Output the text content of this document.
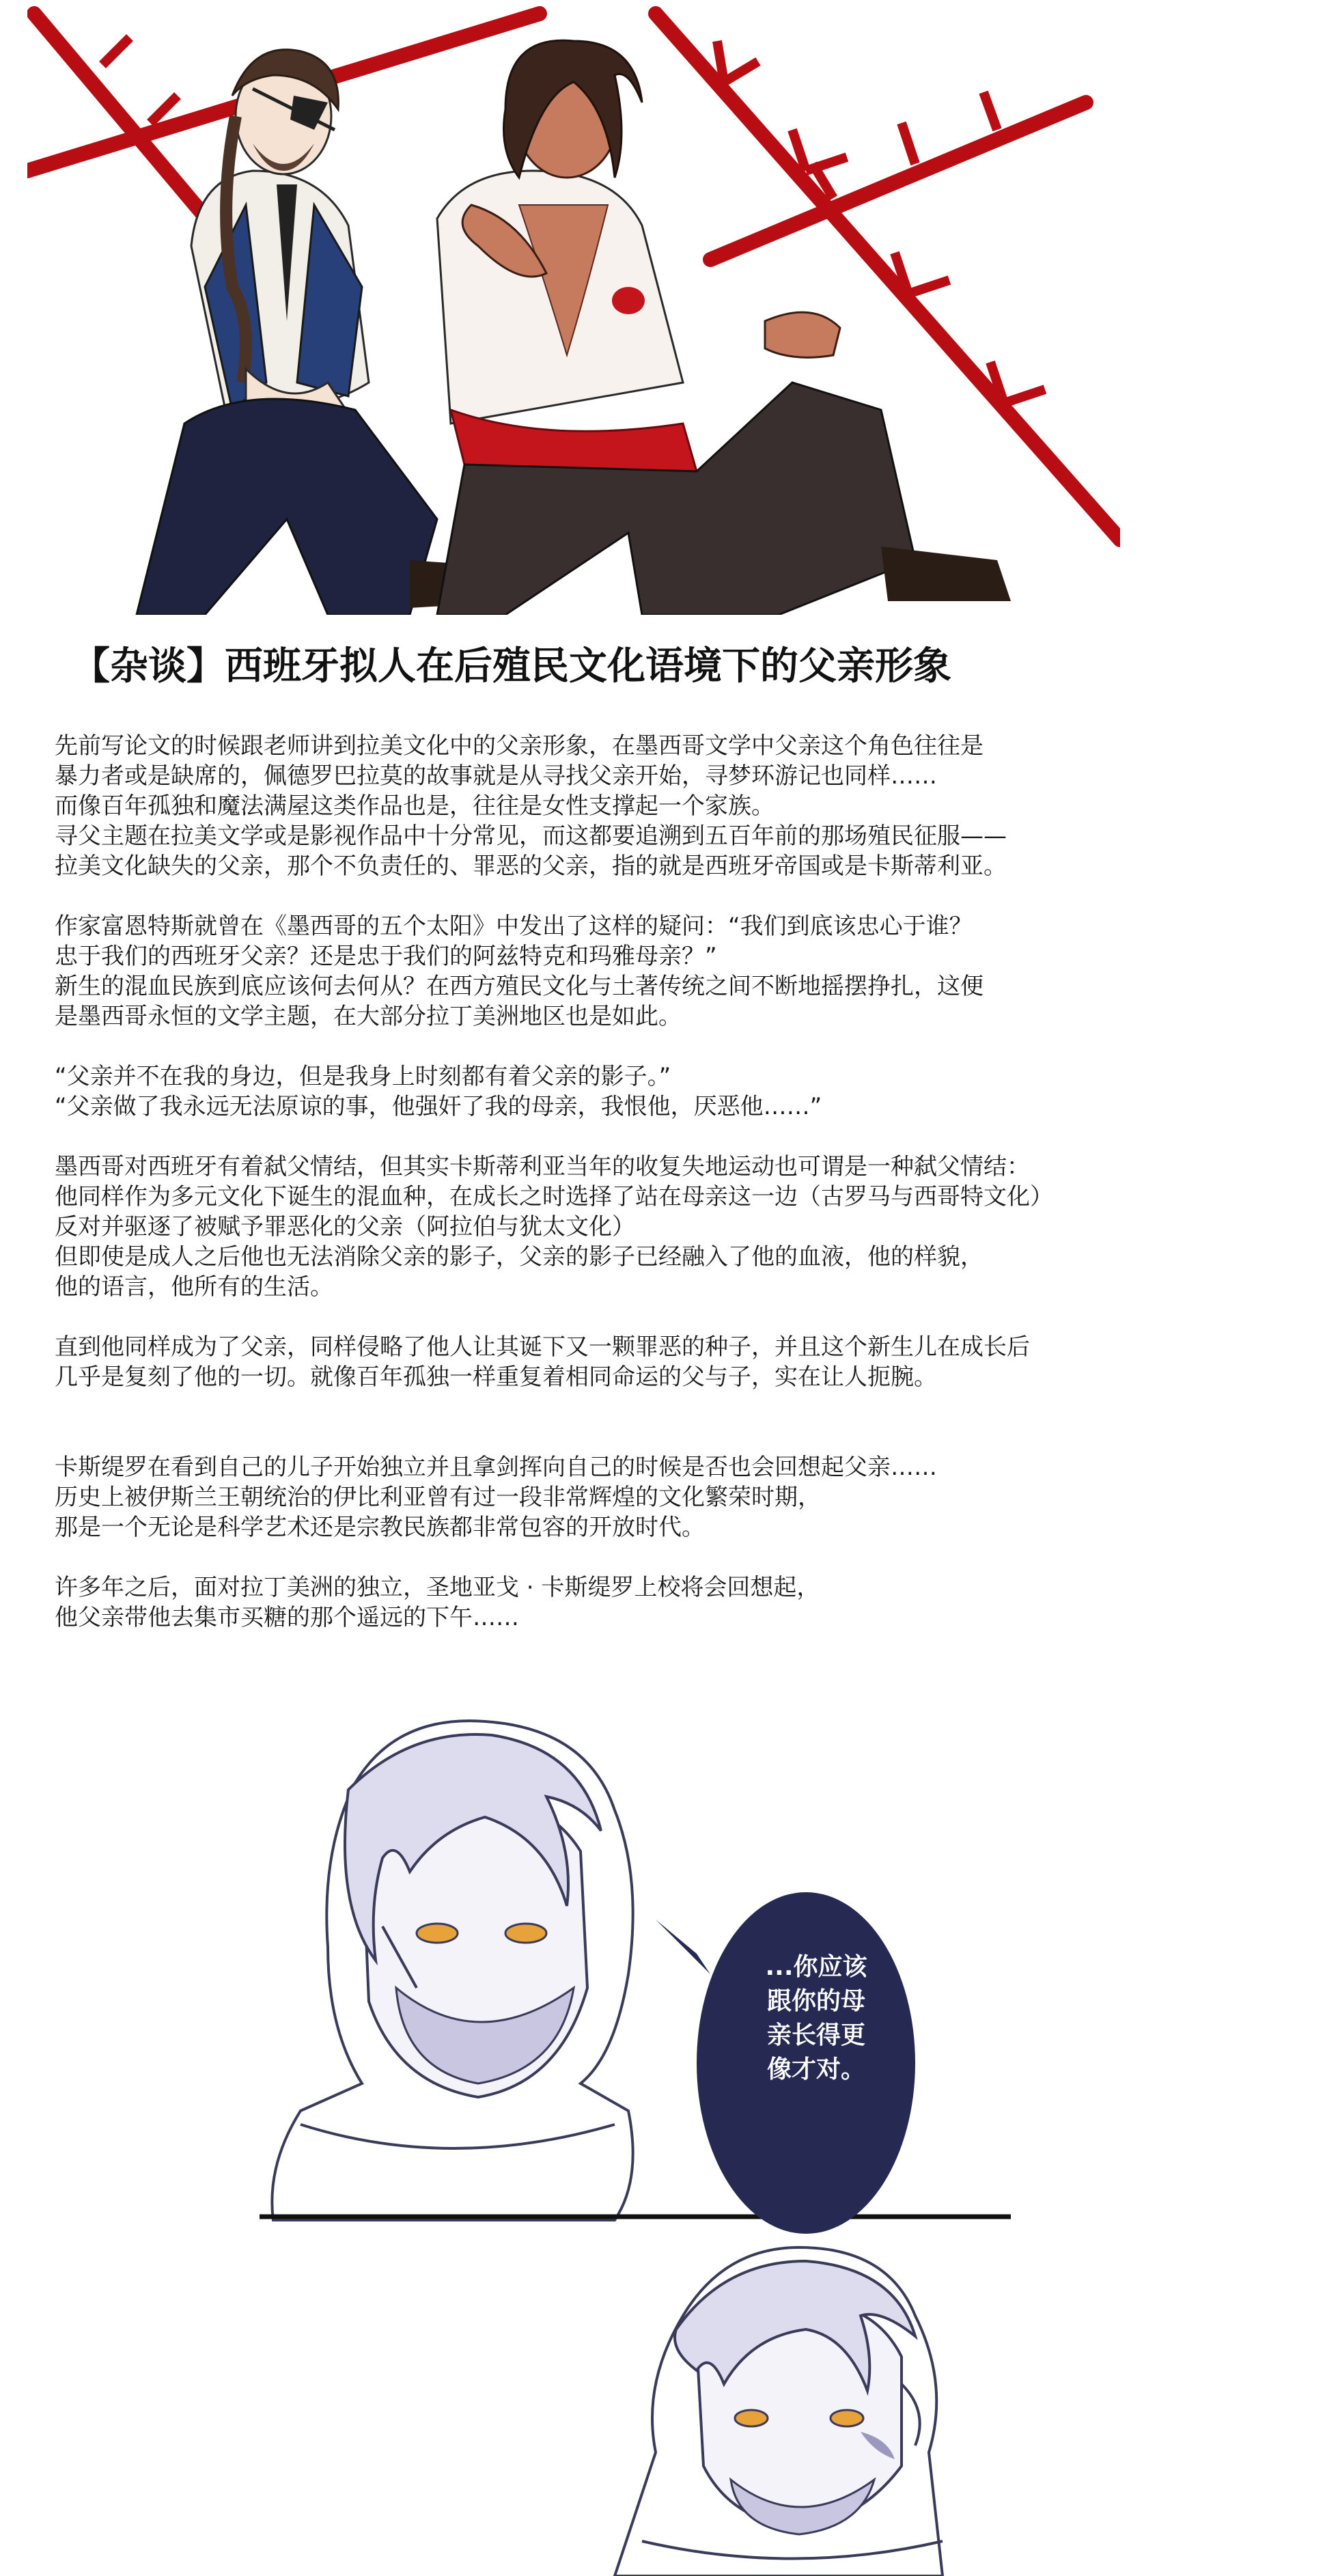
【杂谈】西班牙拟人在后殖民文化语境下的父亲形象
先前写论文的时候跟老师讲到拉美文化中的父亲形象，在墨西哥文学中父亲这个角色往往是
暴力者或是缺席的，佩德罗巴拉莫的故事就是从寻找父亲开始，寻梦环游记也同样……
而像百年孤独和魔法满屋这类作品也是，往往是女性支撑起一个家族。
寻父主题在拉美文学或是影视作品中十分常见，而这都要追溯到五百年前的那场殖民征服——
拉美文化缺失的父亲，那个不负责任的、罪恶的父亲，指的就是西班牙帝国或是卡斯蒂利亚。
作家富恩特斯就曾在《墨西哥的五个太阳》中发出了这样的疑问：“我们到底该忠心于谁？
忠于我们的西班牙父亲？还是忠于我们的阿兹特克和玛雅母亲？”
新生的混血民族到底应该何去何从？在西方殖民文化与土著传统之间不断地摇摆挣扎，这便
是墨西哥永恒的文学主题，在大部分拉丁美洲地区也是如此。
“父亲并不在我的身边，但是我身上时刻都有着父亲的影子。”
“父亲做了我永远无法原谅的事，他强奸了我的母亲，我恨他，厌恶他……”
墨西哥对西班牙有着弑父情结，但其实卡斯蒂利亚当年的收复失地运动也可谓是一种弑父情结：
他同样作为多元文化下诞生的混血种，在成长之时选择了站在母亲这一边（古罗马与西哥特文化）
反对并驱逐了被赋予罪恶化的父亲（阿拉伯与犹太文化）
但即使是成人之后他也无法消除父亲的影子，父亲的影子已经融入了他的血液，他的样貌，
他的语言，他所有的生活。
直到他同样成为了父亲，同样侵略了他人让其诞下又一颗罪恶的种子，并且这个新生儿在成长后
几乎是复刻了他的一切。就像百年孤独一样重复着相同命运的父与子，实在让人扼腕。
卡斯缇罗在看到自己的儿子开始独立并且拿剑挥向自己的时候是否也会回想起父亲……
历史上被伊斯兰王朝统治的伊比利亚曾有过一段非常辉煌的文化繁荣时期，
那是一个无论是科学艺术还是宗教民族都非常包容的开放时代。
许多年之后，面对拉丁美洲的独立，圣地亚戈 · 卡斯缇罗上校将会回想起，
他父亲带他去集市买糖的那个遥远的下午……
...你应该
跟你的母
亲长得更
像才对。
